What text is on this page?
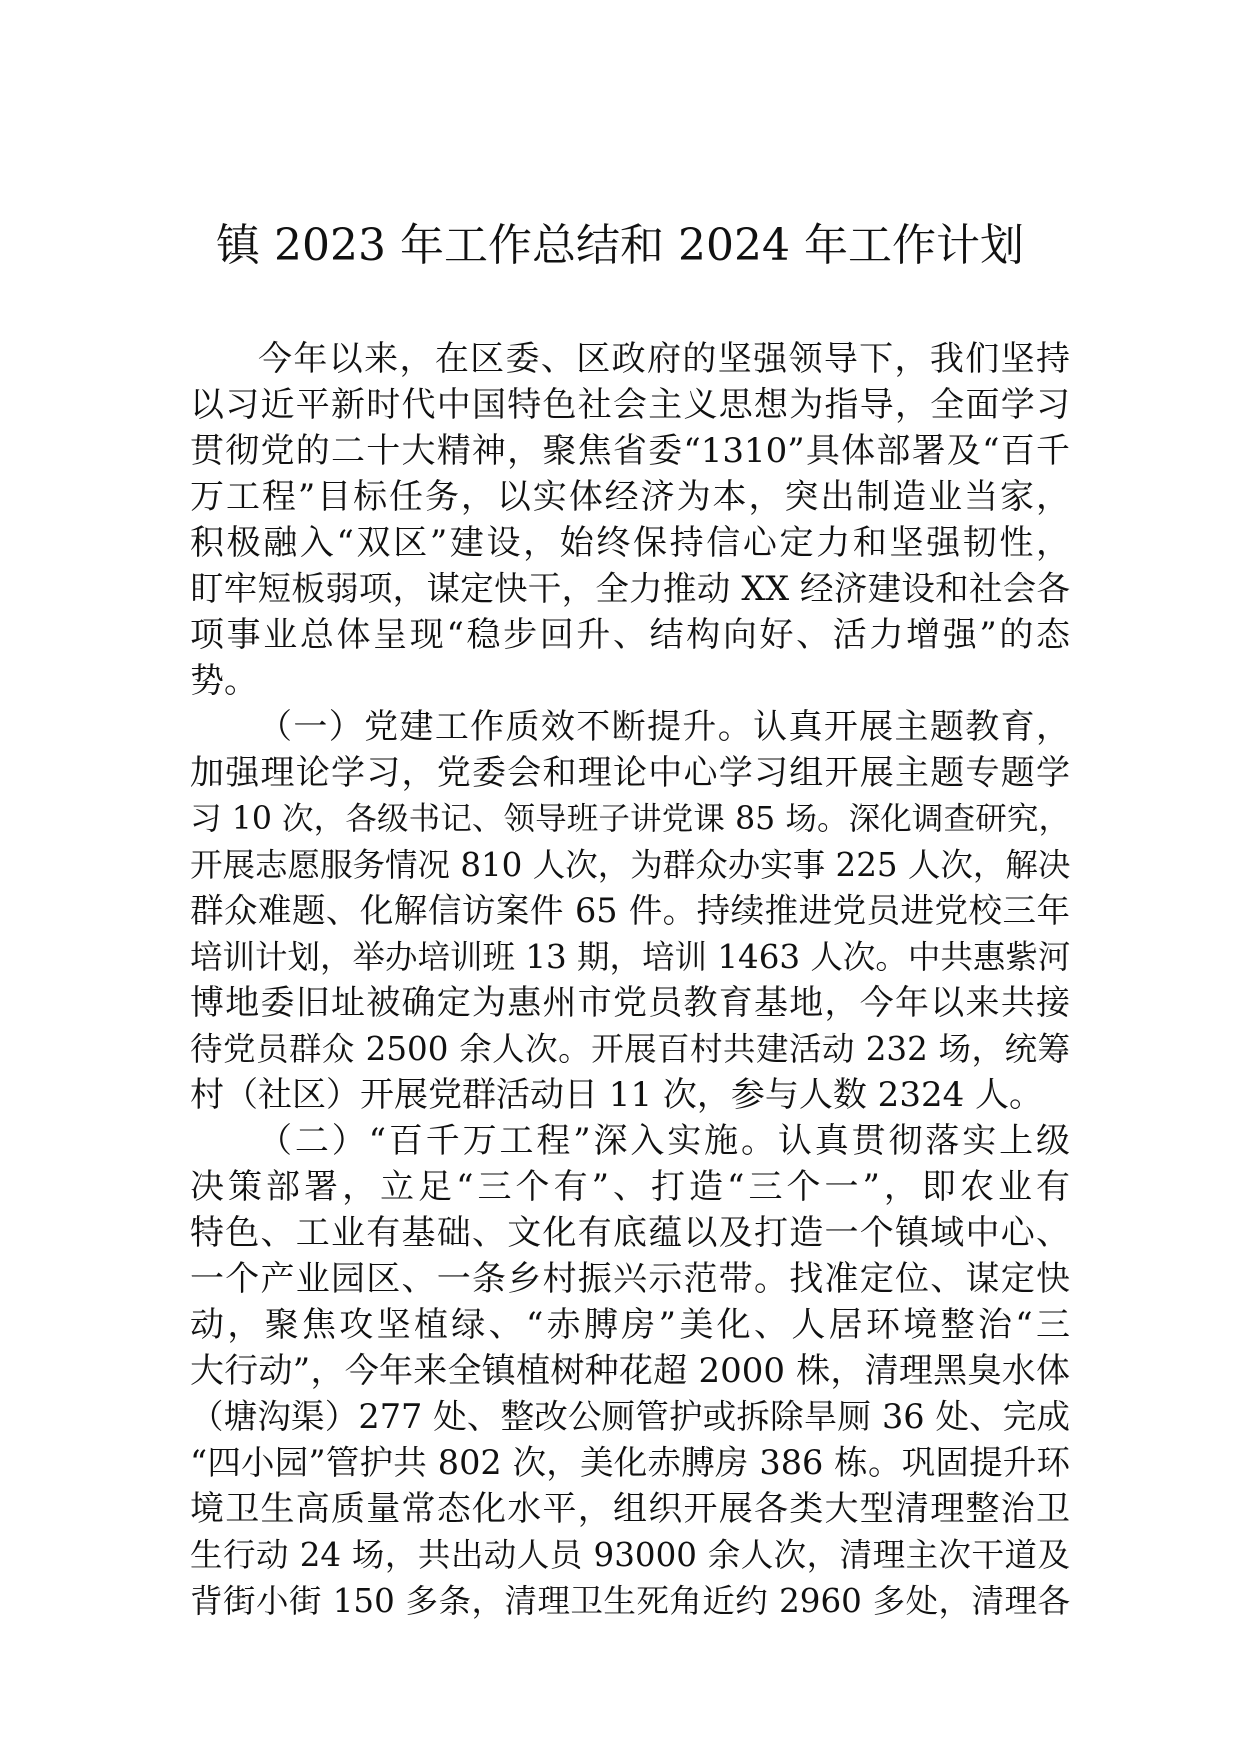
镇 2023 年工作总结和 2024 年工作计划
今年以来，在区委、区政府的坚强领导下，我们坚持
以习近平新时代中国特色社会主义思想为指导，全面学习
贯彻党的二十大精神，聚焦省委“1310”具体部署及“百千
万工程”目标任务，以实体经济为本，突出制造业当家，
积极融入“双区”建设，始终保持信心定力和坚强韧性，
盯牢短板弱项，谋定快干，全力推动 XX 经济建设和社会各
项事业总体呈现“稳步回升、结构向好、活力增强”的态
势。
（一）党建工作质效不断提升。认真开展主题教育，
加强理论学习，党委会和理论中心学习组开展主题专题学
习 10 次，各级书记、领导班子讲党课 85 场。深化调查研究，
开展志愿服务情况 810 人次，为群众办实事 225 人次，解决
群众难题、化解信访案件 65 件。持续推进党员进党校三年
培训计划，举办培训班 13 期，培训 1463 人次。中共惠紫河
博地委旧址被确定为惠州市党员教育基地，今年以来共接
待党员群众 2500 余人次。开展百村共建活动 232 场，统筹
村（社区）开展党群活动日 11 次，参与人数 2324 人。
（二）“百千万工程”深入实施。认真贯彻落实上级
决策部署，立足“三个有”、打造“三个一”，即农业有
特色、工业有基础、文化有底蕴以及打造一个镇域中心、
一个产业园区、一条乡村振兴示范带。找准定位、谋定快
动，聚焦攻坚植绿、“赤膊房”美化、人居环境整治“三
大行动”，今年来全镇植树种花超 2000 株，清理黑臭水体
（塘沟渠）277 处、整改公厕管护或拆除旱厕 36 处、完成
“四小园”管护共 802 次，美化赤膊房 386 栋。巩固提升环
境卫生高质量常态化水平，组织开展各类大型清理整治卫
生行动 24 场，共出动人员 93000 余人次，清理主次干道及
背街小街 150 多条，清理卫生死角近约 2960 多处，清理各
